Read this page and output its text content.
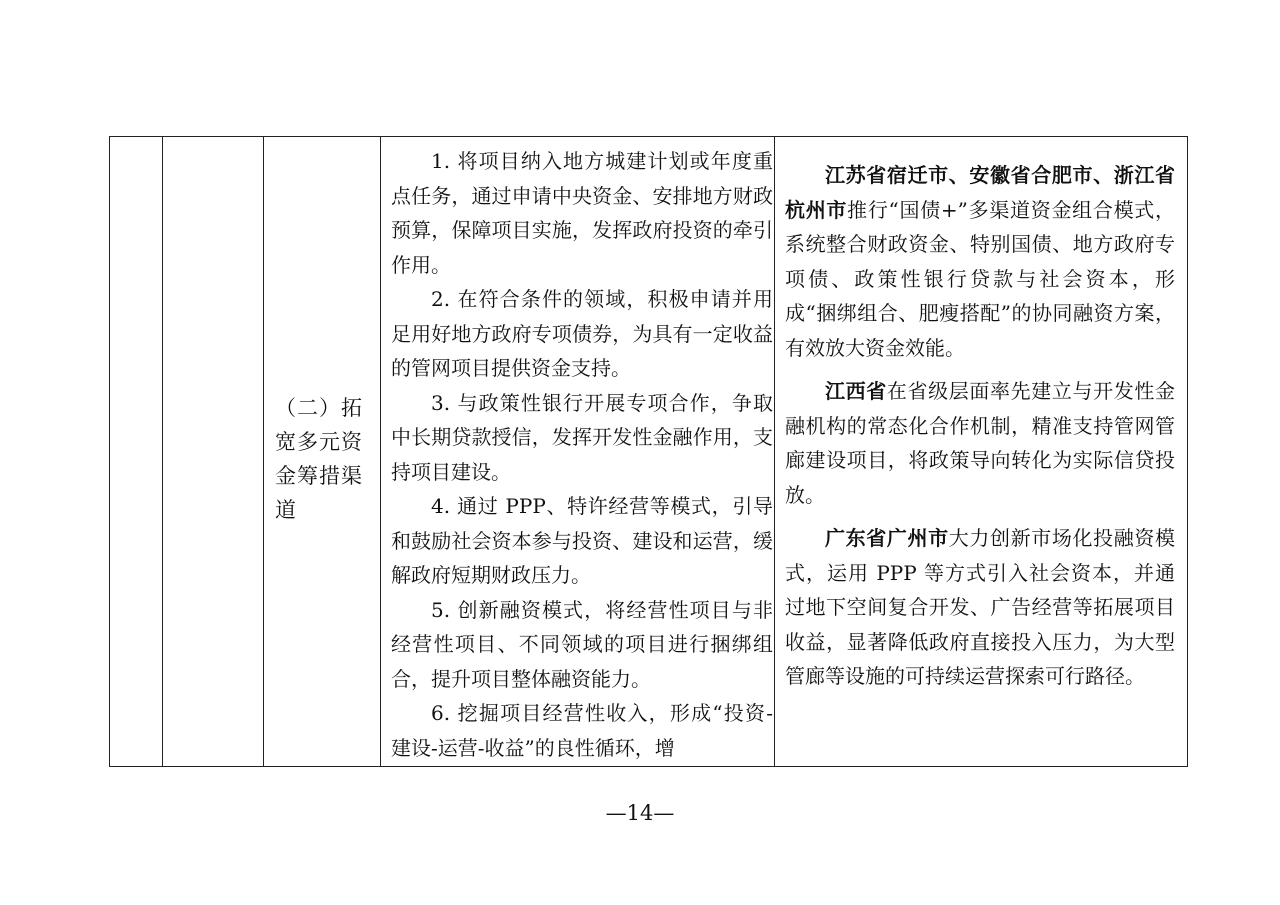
（二）拓宽多元资金筹措渠道

1. 将项目纳入地方城建计划或年度重点任务，通过申请中央资金、安排地方财政预算，保障项目实施，发挥政府投资的牵引作用。

2. 在符合条件的领域，积极申请并用足用好地方政府专项债券，为具有一定收益的管网项目提供资金支持。

3. 与政策性银行开展专项合作，争取中长期贷款授信，发挥开发性金融作用，支持项目建设。

4. 通过 PPP、特许经营等模式，引导和鼓励社会资本参与投资、建设和运营，缓解政府短期财政压力。

5. 创新融资模式，将经营性项目与非经营性项目、不同领域的项目进行捆绑组合，提升项目整体融资能力。

6. 挖掘项目经营性收入，形成“投资-建设-运营-收益”的良性循环，增

江苏省宿迁市、安徽省合肥市、浙江省杭州市推行“国债+”多渠道资金组合模式，系统整合财政资金、特别国债、地方政府专项债、政策性银行贷款与社会资本，形成“捆绑组合、肥瘦搭配”的协同融资方案，有效放大资金效能。

江西省在省级层面率先建立与开发性金融机构的常态化合作机制，精准支持管网管廊建设项目，将政策导向转化为实际信贷投放。

广东省广州市大力创新市场化投融资模式，运用 PPP 等方式引入社会资本，并通过地下空间复合开发、广告经营等拓展项目收益，显著降低政府直接投入压力，为大型管廊等设施的可持续运营探索可行路径。

—14—
